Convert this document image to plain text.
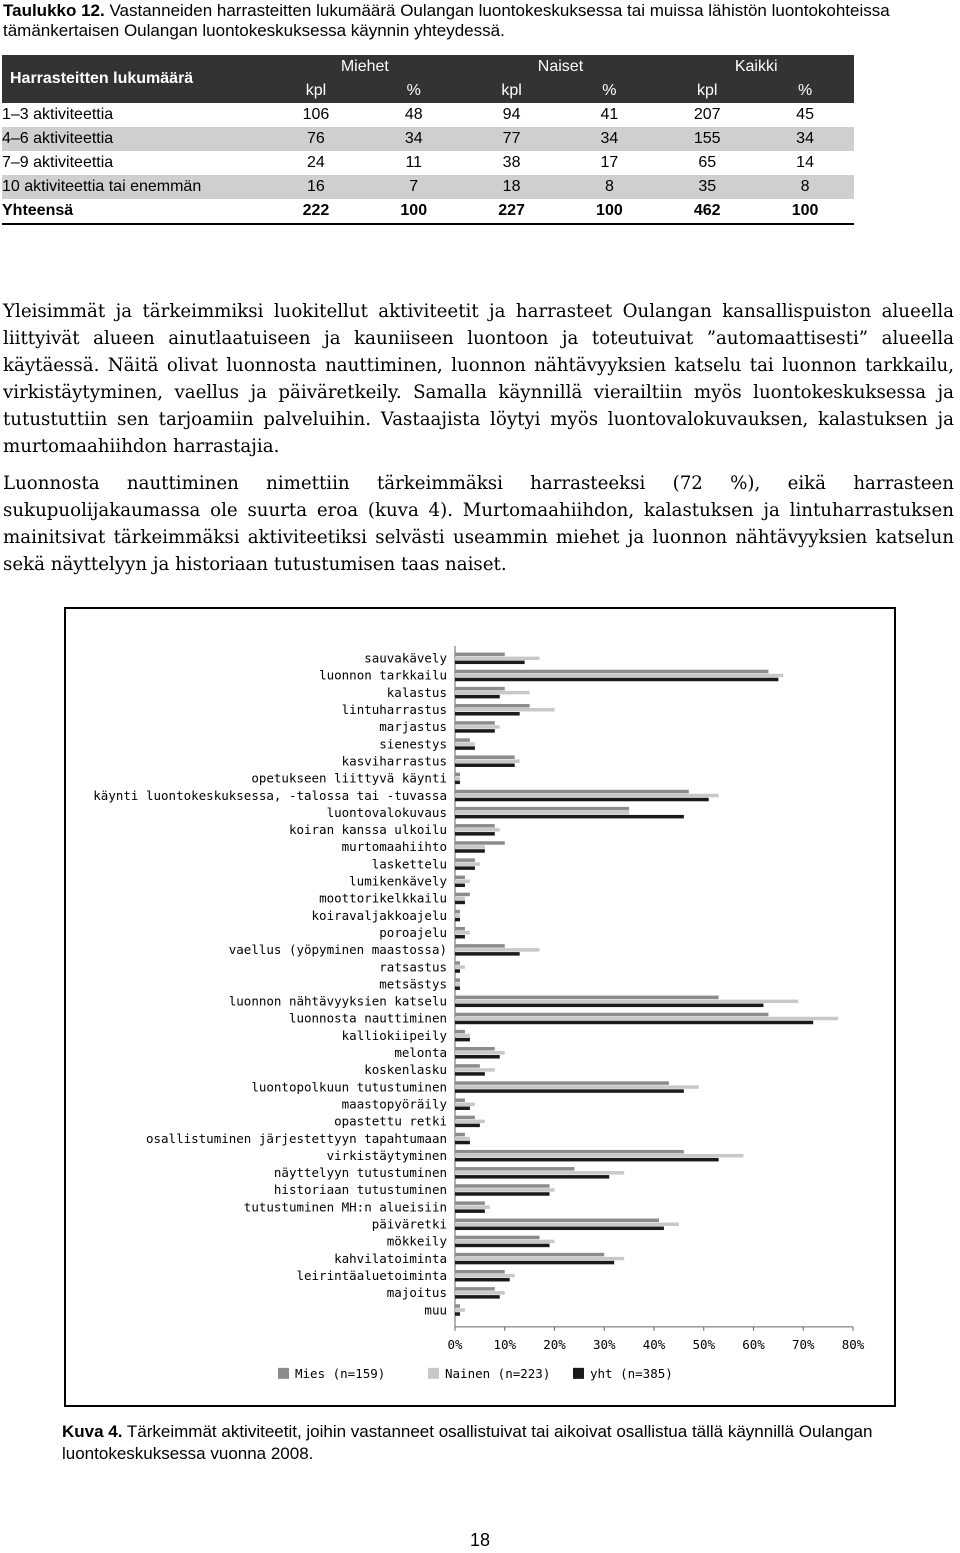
Taulukko 12. Vastanneiden harrasteitten lukumäärä Oulangan luontokeskuksessa tai muissa lähistön luontokohteissa tämänkertaisen Oulangan luontokeskuksessa käynnin yhteydessä.
Harrasteitten lukumäärä	Miehet		Naiset		Kaikki	
	kpl	%	kpl	%	kpl	%
1–3 aktiviteettia	106	48	94	41	207	45
4–6 aktiviteettia	76	34	77	34	155	34
7–9 aktiviteettia	24	11	38	17	65	14
10 aktiviteettia tai enemmän	16	7	18	8	35	8
Yhteensä	222	100	227	100	462	100

Yleisimmät ja tärkeimmiksi luokitellut aktiviteetit ja harrasteet Oulangan kansallispuiston alueella liittyivät alueen ainutlaatuiseen ja kauniiseen luontoon ja toteutuivat ”automaattisesti” alueella käytäessä. Näitä olivat luonnosta nauttiminen, luonnon nähtävyyksien katselu tai luonnon tarkkailu, virkistäytyminen, vaellus ja päiväretkeily. Samalla käynnillä vierailtiin myös luontokeskuksessa ja tutustuttiin sen tarjoamiin palveluihin. Vastaajista löytyi myös luontovalokuvauksen, kalastuksen ja murtomaahiihdon harrastajia.

Luonnosta nauttiminen nimettiin tärkeimmäksi harrasteeksi (72 %), eikä harrasteen sukupuolijakaumassa ole suurta eroa (kuva 4). Murtomaahiihdon, kalastuksen ja lintuharrastuksen mainitsivat tärkeimmäksi aktiviteetiksi selvästi useammin miehet ja luonnon nähtävyyksien katselun sekä näyttelyyn ja historiaan tutustumisen taas naiset.

sauvakävely
luonnon tarkkailu
kalastus
lintuharrastus
marjastus
sienestys
kasviharrastus
opetukseen liittyvä käynti
käynti luontokeskuksessa, -talossa tai -tuvassa
luontovalokuvaus
koiran kanssa ulkoilu
murtomaahiihto
laskettelu
lumikenkävely
moottorikelkkailu
koiravaljakkoajelu
poroajelu
vaellus (yöpyminen maastossa)
ratsastus
metsästys
luonnon nähtävyyksien katselu
luonnosta nauttiminen
kalliokiipeily
melonta
koskenlasku
luontopolkuun tutustuminen
maastopyöräily
opastettu retki
osallistuminen järjestettyyn tapahtumaan
virkistäytyminen
näyttelyyn tutustuminen
historiaan tutustuminen
tutustuminen MH:n alueisiin
päiväretki
mökkeily
kahvilatoiminta
leirintäaluetoiminta
majoitus
muu
0% 10% 20% 30% 40% 50% 60% 70% 80%
Mies (n=159)	Nainen (n=223)	yht (n=385)
Kuva 4. Tärkeimmät aktiviteetit, joihin vastanneet osallistuivat tai aikoivat osallistua tällä käynnillä Oulangan luontokeskuksessa vuonna 2008.
18
